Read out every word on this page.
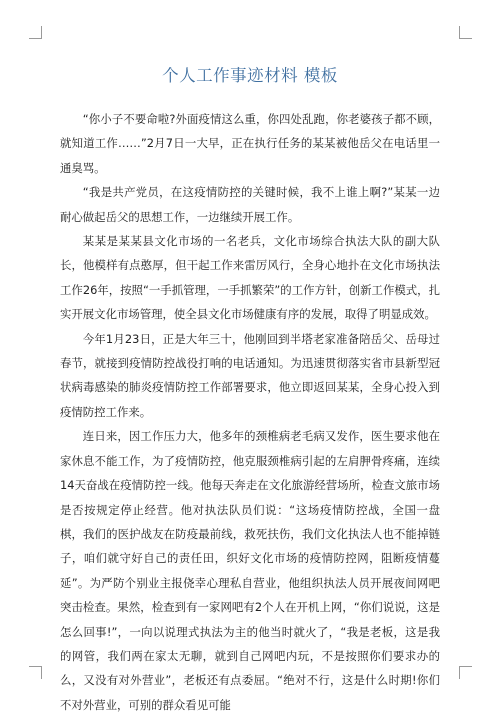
个人工作事迹材料 模板

“你小子不要命啦?外面疫情这么重，你四处乱跑，你老婆孩子都不顾，就知道工作……”2月7日一大早，正在执行任务的某某被他岳父在电话里一通臭骂。

“我是共产党员，在这疫情防控的关键时候，我不上谁上啊?”某某一边耐心做起岳父的思想工作，一边继续开展工作。

某某是某某县文化市场的一名老兵，文化市场综合执法大队的副大队长，他模样有点憨厚，但干起工作来雷厉风行，全身心地扑在文化市场执法工作26年，按照“一手抓管理，一手抓繁荣”的工作方针，创新工作模式，扎实开展文化市场管理，使全县文化市场健康有序的发展，取得了明显成效。

今年1月23日，正是大年三十，他刚回到半塔老家准备陪岳父、岳母过春节，就接到疫情防控战役打响的电话通知。为迅速贯彻落实省市县新型冠状病毒感染的肺炎疫情防控工作部署要求，他立即返回某某，全身心投入到疫情防控工作来。

连日来，因工作压力大，他多年的颈椎病老毛病又发作，医生要求他在家休息不能工作，为了疫情防控，他克服颈椎病引起的左肩胛骨疼痛，连续14天奋战在疫情防控一线。他每天奔走在文化旅游经营场所，检查文旅市场是否按规定停止经营。他对执法队员们说：“这场疫情防控战，全国一盘棋，我们的医护战友在防疫最前线，救死扶伤，我们文化执法人也不能掉链子，咱们就守好自己的责任田，织好文化市场的疫情防控网，阻断疫情蔓延”。为严防个别业主报侥幸心理私自营业，他组织执法人员开展夜间网吧突击检查。果然，检查到有一家网吧有2个人在开机上网，“你们说说，这是怎么回事!”，一向以说理式执法为主的他当时就火了，“我是老板，这是我的网管，我们两在家太无聊，就到自己网吧内玩，不是按照你们要求办的么，又没有对外营业”，老板还有点委屈。“绝对不行，这是什么时期!你们不对外营业，可别的群众看见可能
